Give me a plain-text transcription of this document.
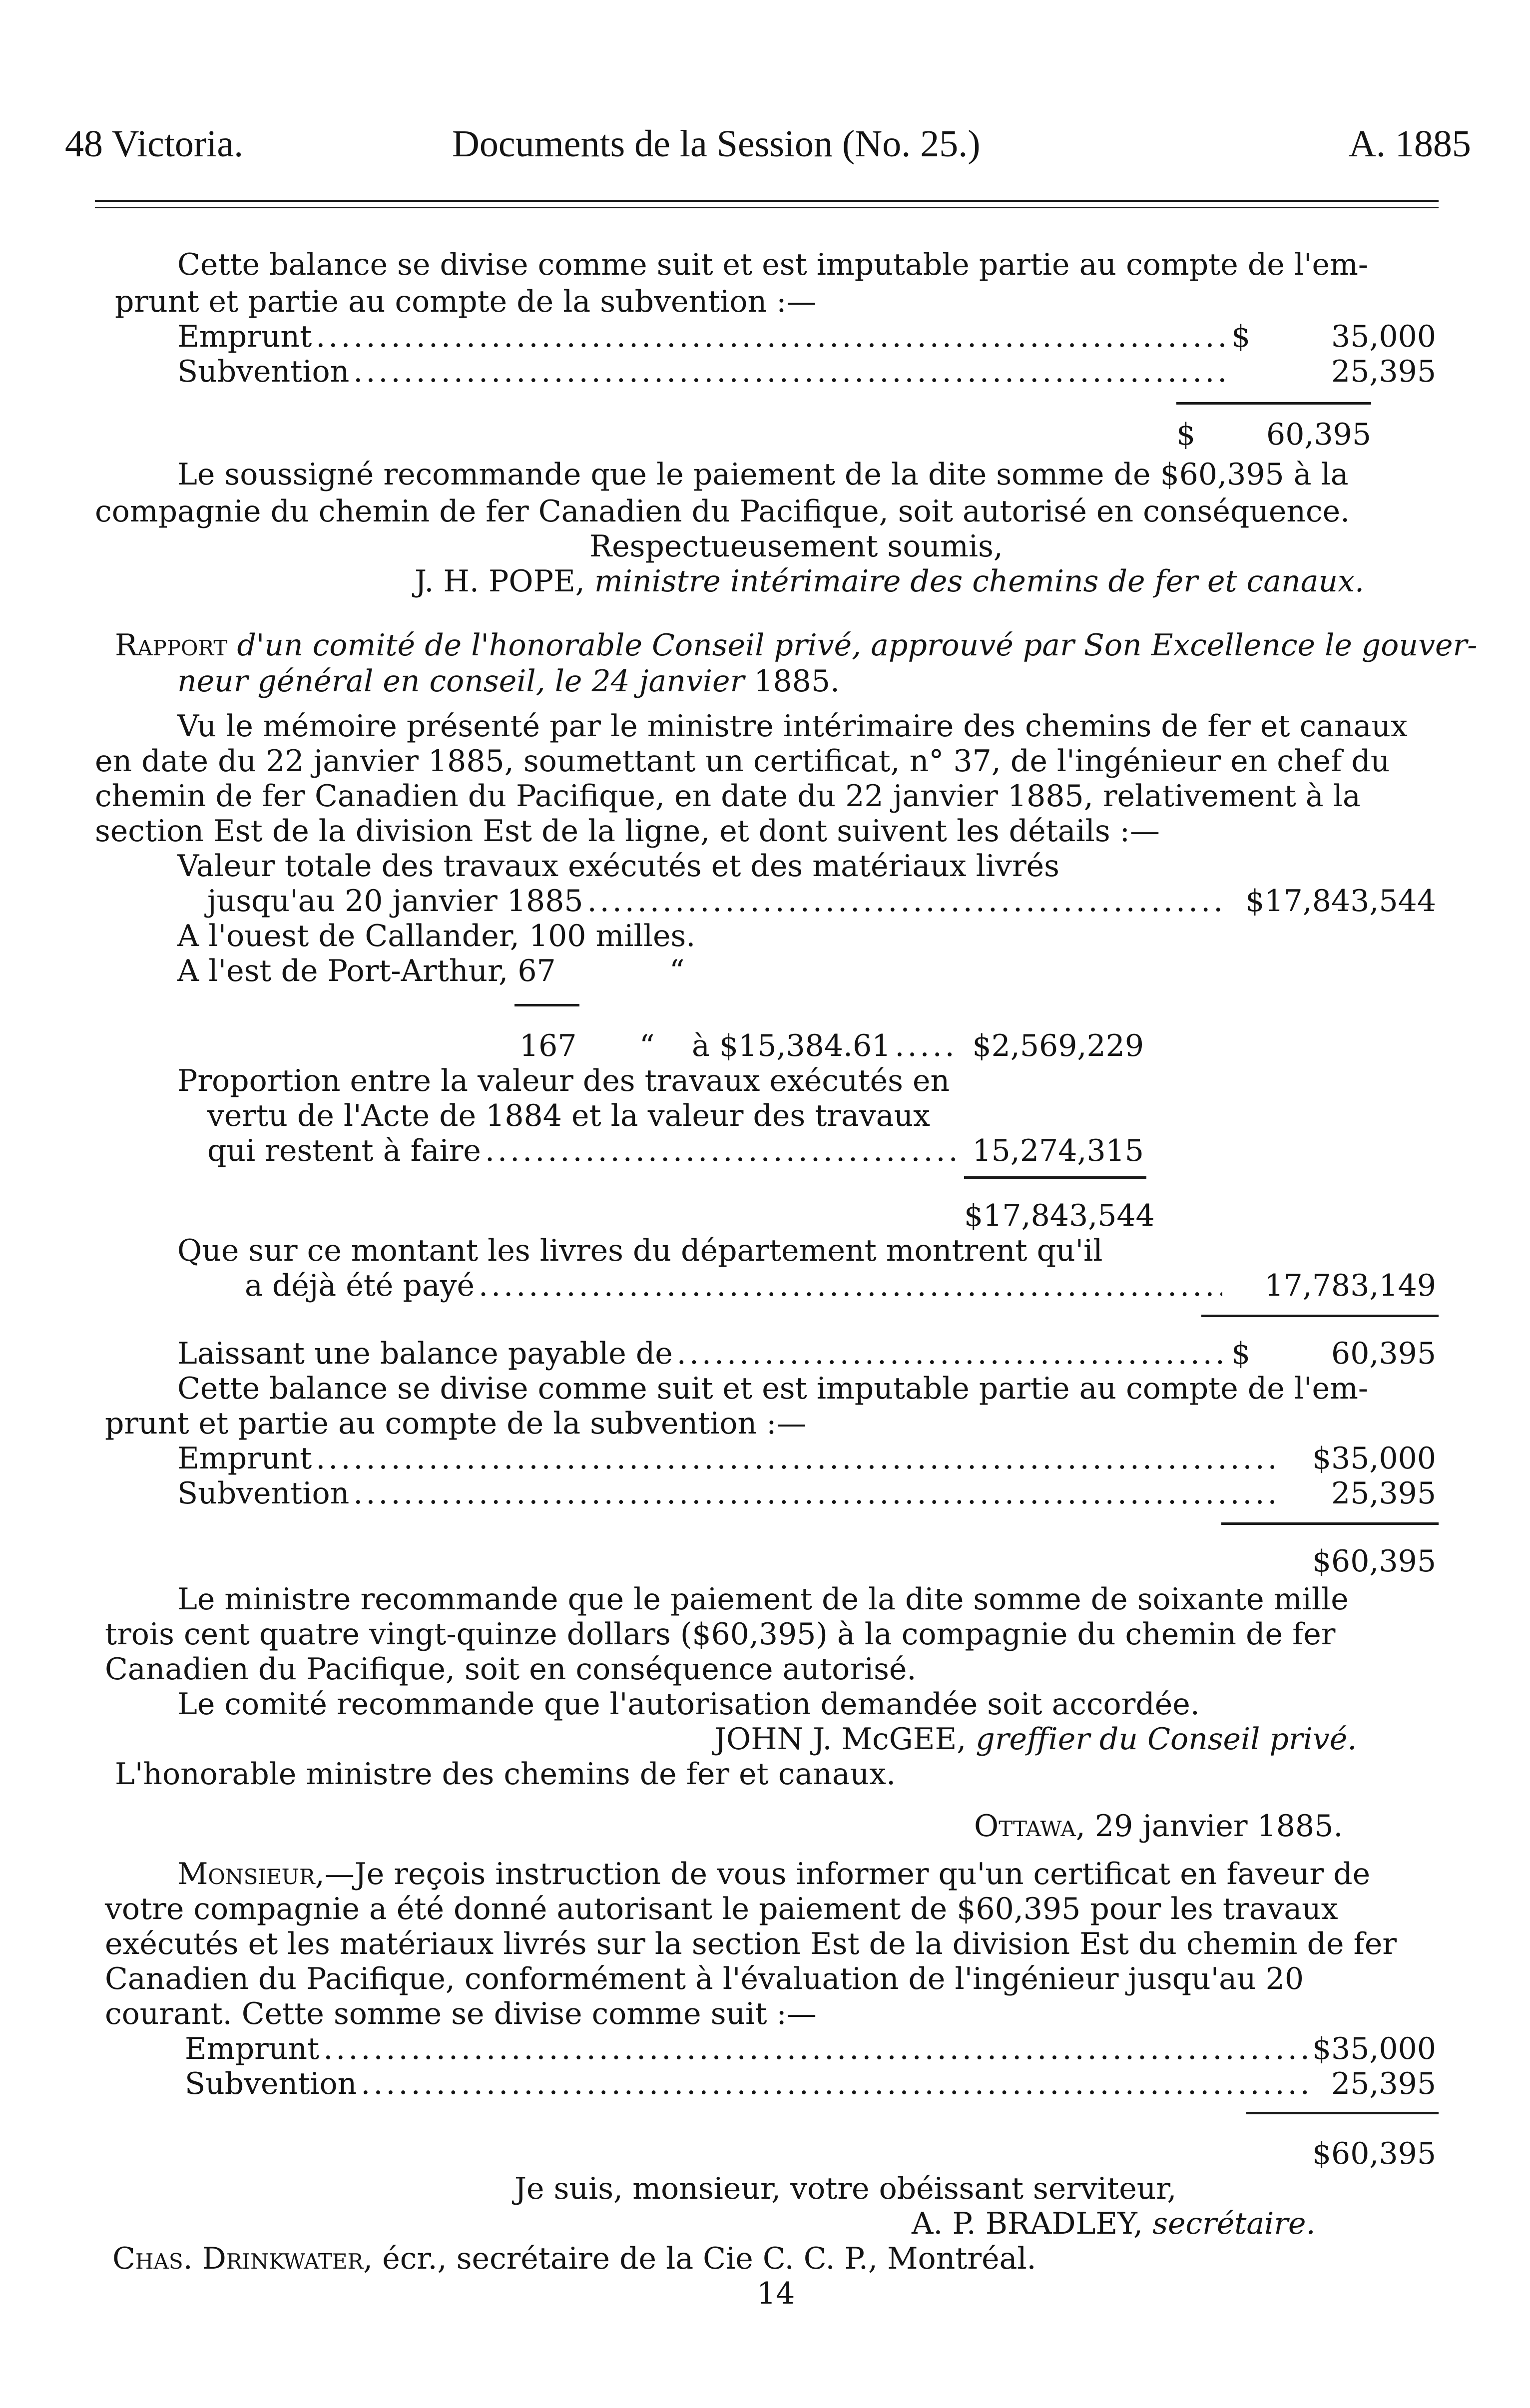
48 Victoria.	Documents de la Session (No. 25.)	A. 1885
Cette balance se divise comme suit et est imputable partie au compte de l'em-
prunt et partie au compte de la subvention :—
Emprunt .....	$	35,000
Subvention .....	25,395
$	60,395
Le soussigné recommande que le paiement de la dite somme de $60,395 à la
compagnie du chemin de fer Canadien du Pacifique, soit autorisé en conséquence.
Respectueusement soumis,
J. H. POPE, ministre intérimaire des chemins de fer et canaux.
Rapport d'un comité de l'honorable Conseil privé, approuvé par Son Excellence le gouver-
neur général en conseil, le 24 janvier 1885.
Vu le mémoire présenté par le ministre intérimaire des chemins de fer et canaux
en date du 22 janvier 1885, soumettant un certificat, n° 37, de l'ingénieur en chef du
chemin de fer Canadien du Pacifique, en date du 22 janvier 1885, relativement à la
section Est de la division Est de la ligne, et dont suivent les détails :—
Valeur totale des travaux exécutés et des matériaux livrés
jusqu'au 20 janvier 1885 .....	$17,843,544
A l'ouest de Callander, 100 milles.
A l'est de Port-Arthur, 67	“
167 “ à $15,384.61 .....	$2,569,229
Proportion entre la valeur des travaux exécutés en
vertu de l'Acte de 1884 et la valeur des travaux
qui restent à faire .....	15,274,315
$17,843,544
Que sur ce montant les livres du département montrent qu'il
a déjà été payé .....	17,783,149
Laissant une balance payable de .....	$	60,395
Cette balance se divise comme suit et est imputable partie au compte de l'em-
prunt et partie au compte de la subvention :—
Emprunt .....	$35,000
Subvention .....	25,395
$60,395
Le ministre recommande que le paiement de la dite somme de soixante mille
trois cent quatre vingt-quinze dollars ($60,395) à la compagnie du chemin de fer
Canadien du Pacifique, soit en conséquence autorisé.
Le comité recommande que l'autorisation demandée soit accordée.
JOHN J. McGEE, greffier du Conseil privé.
L'honorable ministre des chemins de fer et canaux.
Ottawa, 29 janvier 1885.
Monsieur,—Je reçois instruction de vous informer qu'un certificat en faveur de
votre compagnie a été donné autorisant le paiement de $60,395 pour les travaux
exécutés et les matériaux livrés sur la section Est de la division Est du chemin de fer
Canadien du Pacifique, conformément à l'évaluation de l'ingénieur jusqu'au 20
courant. Cette somme se divise comme suit :—
Emprunt .....	$35,000
Subvention .....	25,395
$60,395
Je suis, monsieur, votre obéissant serviteur,
A. P. BRADLEY, secrétaire.
Chas. Drinkwater, écr., secrétaire de la Cie C. C. P., Montréal.
14
